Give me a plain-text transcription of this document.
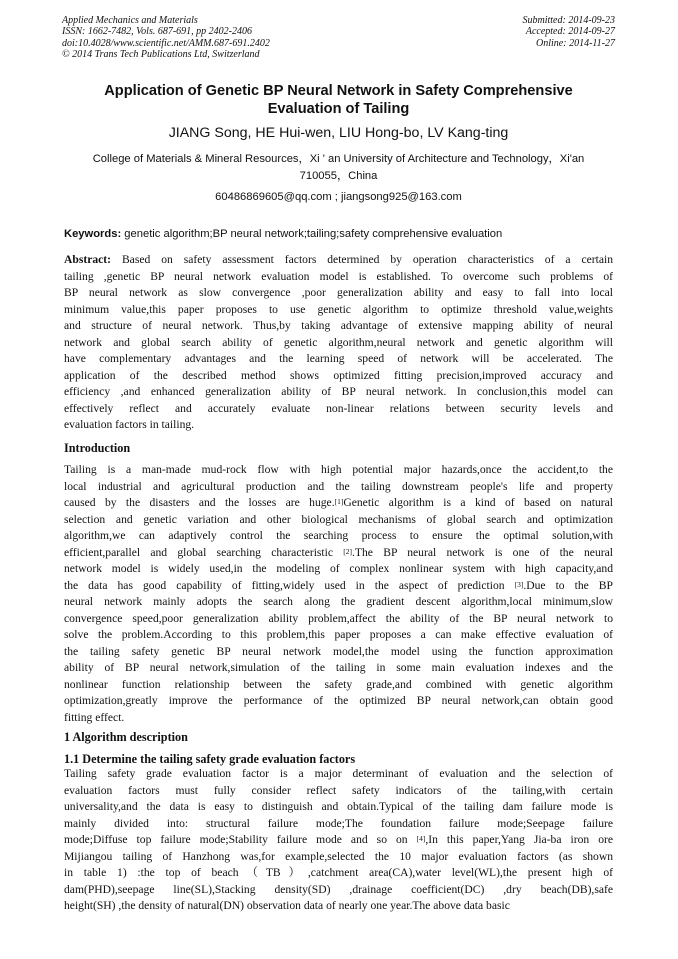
Applied Mechanics and Materials
ISSN: 1662-7482, Vols. 687-691, pp 2402-2406
doi:10.4028/www.scientific.net/AMM.687-691.2402
© 2014 Trans Tech Publications Ltd, Switzerland
Submitted: 2014-09-23
Accepted: 2014-09-27
Online: 2014-11-27
Application of Genetic BP Neural Network in Safety Comprehensive
Evaluation of Tailing
JIANG Song, HE Hui-wen, LIU Hong-bo, LV Kang-ting
College of Materials & Mineral Resources，Xi ' an University of Architecture and Technology，Xi'an
710055，China
60486869605@qq.com ; jiangsong925@163.com
Keywords: genetic algorithm;BP neural network;tailing;safety comprehensive evaluation
Abstract: Based on safety assessment factors determined by operation characteristics of a certain
tailing ,genetic BP neural network evaluation model is established. To overcome such problems of
BP neural network as slow convergence ,poor generalization ability and easy to fall into local
minimum value,this paper proposes to use genetic algorithm to optimize threshold value,weights
and structure of neural network. Thus,by taking advantage of extensive mapping ability of neural
network and global search ability of genetic algorithm,neural network and genetic algorithm will
have complementary advantages and the learning speed of network will be accelerated. The
application of the described method shows optimized fitting precision,improved accuracy and
efficiency ,and enhanced generalization ability of BP neural network. In conclusion,this model can
effectively reflect and accurately evaluate non-linear relations between security levels and
evaluation factors in tailing.
Introduction
Tailing is a man-made mud-rock flow with high potential major hazards,once the accident,to the
local industrial and agricultural production and the tailing downstream people's life and property
caused by the disasters and the losses are huge.[1]Genetic algorithm is a kind of based on natural
selection and genetic variation and other biological mechanisms of global search and optimization
algorithm,we can adaptively control the searching process to ensure the optimal solution,with
efficient,parallel and global searching characteristic [2].The BP neural network is one of the neural
network model is widely used,in the modeling of complex nonlinear system with high capacity,and
the data has good capability of fitting,widely used in the aspect of prediction [3].Due to the BP
neural network mainly adopts the search along the gradient descent algorithm,local minimum,slow
convergence speed,poor generalization ability problem,affect the ability of the BP neural network to
solve the problem.According to this problem,this paper proposes a can make effective evaluation of
the tailing safety genetic BP neural network model,the model using the function approximation
ability of BP neural network,simulation of the tailing in some main evaluation indexes and the
nonlinear function relationship between the safety grade,and combined with genetic algorithm
optimization,greatly improve the performance of the optimized BP neural network,can obtain good
fitting effect.
1 Algorithm description
1.1 Determine the tailing safety grade evaluation factors
Tailing safety grade evaluation factor is a major determinant of evaluation and the selection of
evaluation factors must fully consider reflect safety indicators of the tailing,with certain
universality,and the data is easy to distinguish and obtain.Typical of the tailing dam failure mode is
mainly divided into: structural failure mode;The foundation failure mode;Seepage failure
mode;Diffuse top failure mode;Stability failure mode and so on [4],In this paper,Yang Jia-ba iron ore
Mijiangou tailing of Hanzhong was,for example,selected the 10 major evaluation factors (as shown
in table 1) :the top of beach（TB）,catchment area(CA),water level(WL),the present high of
dam(PHD),seepage line(SL),Stacking density(SD) ,drainage coefficient(DC) ,dry beach(DB),safe
height(SH) ,the density of natural(DN) observation data of nearly one year.The above data basic
